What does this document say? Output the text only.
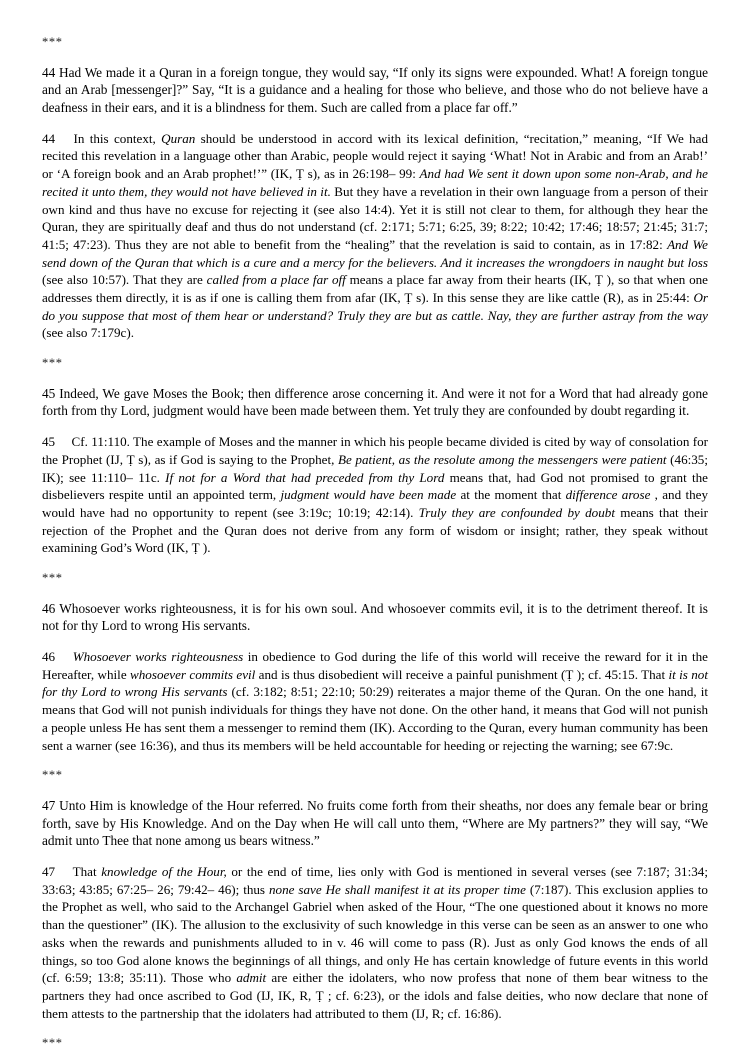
***

44 Had We made it a Quran in a foreign tongue, they would say, “If only its signs were expounded. What! A foreign tongue and an Arab [messenger]?” Say, “It is a guidance and a healing for those who believe, and those who do not believe have a deafness in their ears, and it is a blindness for them. Such are called from a place far off.”

44  In this context, Quran should be understood in accord with its lexical definition, “recitation,” meaning, “If We had recited this revelation in a language other than Arabic, people would reject it saying ‘What! Not in Arabic and from an Arab!’ or ‘A foreign book and an Arab prophet!’” (IK, Ṭ s), as in 26:198– 99: And had We sent it down upon some non-Arab, and he recited it unto them, they would not have believed in it. But they have a revelation in their own language from a person of their own kind and thus have no excuse for rejecting it (see also 14:4). Yet it is still not clear to them, for although they hear the Quran, they are spiritually deaf and thus do not understand (cf. 2:171; 5:71; 6:25, 39; 8:22; 10:42; 17:46; 18:57; 21:45; 31:7; 41:5; 47:23). Thus they are not able to benefit from the “healing” that the revelation is said to contain, as in 17:82: And We send down of the Quran that which is a cure and a mercy for the believers. And it increases the wrongdoers in naught but loss (see also 10:57). That they are called from a place far off means a place far away from their hearts (IK, Ṭ ), so that when one addresses them directly, it is as if one is calling them from afar (IK, Ṭ s). In this sense they are like cattle (R), as in 25:44: Or do you suppose that most of them hear or understand? Truly they are but as cattle. Nay, they are further astray from the way (see also 7:179c).

***

45 Indeed, We gave Moses the Book; then difference arose concerning it. And were it not for a Word that had already gone forth from thy Lord, judgment would have been made between them. Yet truly they are confounded by doubt regarding it.

45  Cf. 11:110. The example of Moses and the manner in which his people became divided is cited by way of consolation for the Prophet (IJ, Ṭ s), as if God is saying to the Prophet, Be patient, as the resolute among the messengers were patient (46:35; IK); see 11:110– 11c. If not for a Word that had preceded from thy Lord means that, had God not promised to grant the disbelievers respite until an appointed term, judgment would have been made at the moment that difference arose , and they would have had no opportunity to repent (see 3:19c; 10:19; 42:14). Truly they are confounded by doubt means that their rejection of the Prophet and the Quran does not derive from any form of wisdom or insight; rather, they speak without examining God’s Word (IK, Ṭ ).

***

46 Whosoever works righteousness, it is for his own soul. And whosoever commits evil, it is to the detriment thereof. It is not for thy Lord to wrong His servants.

46  Whosoever works righteousness in obedience to God during the life of this world will receive the reward for it in the Hereafter, while whosoever commits evil and is thus disobedient will receive a painful punishment (Ṭ ); cf. 45:15. That it is not for thy Lord to wrong His servants (cf. 3:182; 8:51; 22:10; 50:29) reiterates a major theme of the Quran. On the one hand, it means that God will not punish individuals for things they have not done. On the other hand, it means that God will not punish a people unless He has sent them a messenger to remind them (IK). According to the Quran, every human community has been sent a warner (see 16:36), and thus its members will be held accountable for heeding or rejecting the warning; see 67:9c.

***

47 Unto Him is knowledge of the Hour referred. No fruits come forth from their sheaths, nor does any female bear or bring forth, save by His Knowledge. And on the Day when He will call unto them, “Where are My partners?” they will say, “We admit unto Thee that none among us bears witness.”

47  That knowledge of the Hour, or the end of time, lies only with God is mentioned in several verses (see 7:187; 31:34; 33:63; 43:85; 67:25– 26; 79:42– 46); thus none save He shall manifest it at its proper time (7:187). This exclusion applies to the Prophet as well, who said to the Archangel Gabriel when asked of the Hour, “The one questioned about it knows no more than the questioner” (IK). The allusion to the exclusivity of such knowledge in this verse can be seen as an answer to one who asks when the rewards and punishments alluded to in v. 46 will come to pass (R). Just as only God knows the ends of all things, so too God alone knows the beginnings of all things, and only He has certain knowledge of future events in this world (cf. 6:59; 13:8; 35:11). Those who admit are either the idolaters, who now profess that none of them bear witness to the partners they had once ascribed to God (IJ, IK, R, Ṭ ; cf. 6:23), or the idols and false deities, who now declare that none of them attests to the partnership that the idolaters had attributed to them (IJ, R; cf. 16:86).

***
